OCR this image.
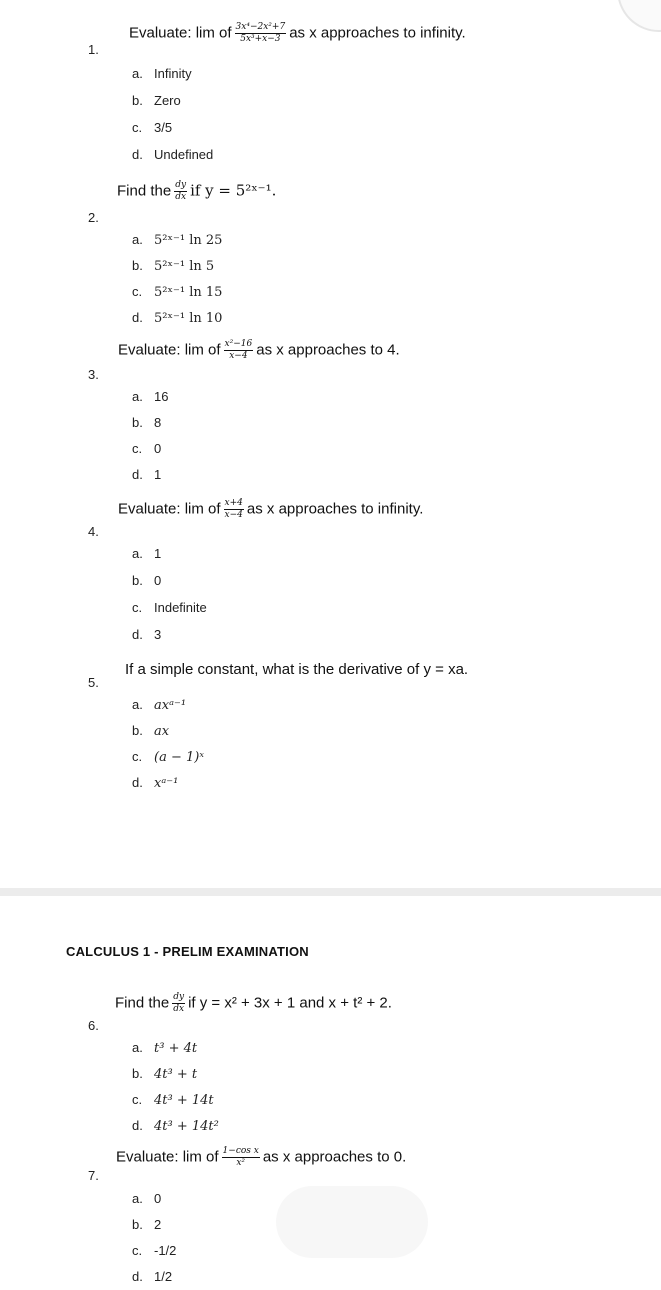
1.
Evaluate: lim of $\frac{\text{3x⁴−2x²+7}}{\text{5x³+x−3}}$ as x approaches to infinity.
a. Infinity
b. Zero
c. 3/5
d. Undefined
2.
Find the $\frac{dy}{dx}$ if y = 5²ˣ⁻¹.
a. 5²ˣ⁻¹ ln 25
b. 5²ˣ⁻¹ ln 5
c. 5²ˣ⁻¹ ln 15
d. 5²ˣ⁻¹ ln 10
3.
Evaluate: lim of $\frac{\text{x²−16}}{x-4}$ as x approaches to 4.
a. 16
b. 8
c. 0
d. 1
4.
Evaluate: lim of $\frac{x+4}{x-4}$ as x approaches to infinity.
a. 1
b. 0
c. Indefinite
d. 3
5.
If a simple constant, what is the derivative of y = xa.
a. axᵃ⁻¹
b. ax
c. (a − 1)ˣ
d. xᵃ⁻¹
CALCULUS 1 - PRELIM EXAMINATION
6.
Find the $\frac{dy}{dx}$ if y = x² + 3x + 1 and x + t² + 2.
a. t³ + 4t
b. 4t³ + t
c. 4t³ + 14t
d. 4t³ + 14t²
7.
Evaluate: lim of $\frac{\text{1−cos x}}{\text{x²}}$ as x approaches to 0.
a. 0
b. 2
c. -1/2
d. 1/2
